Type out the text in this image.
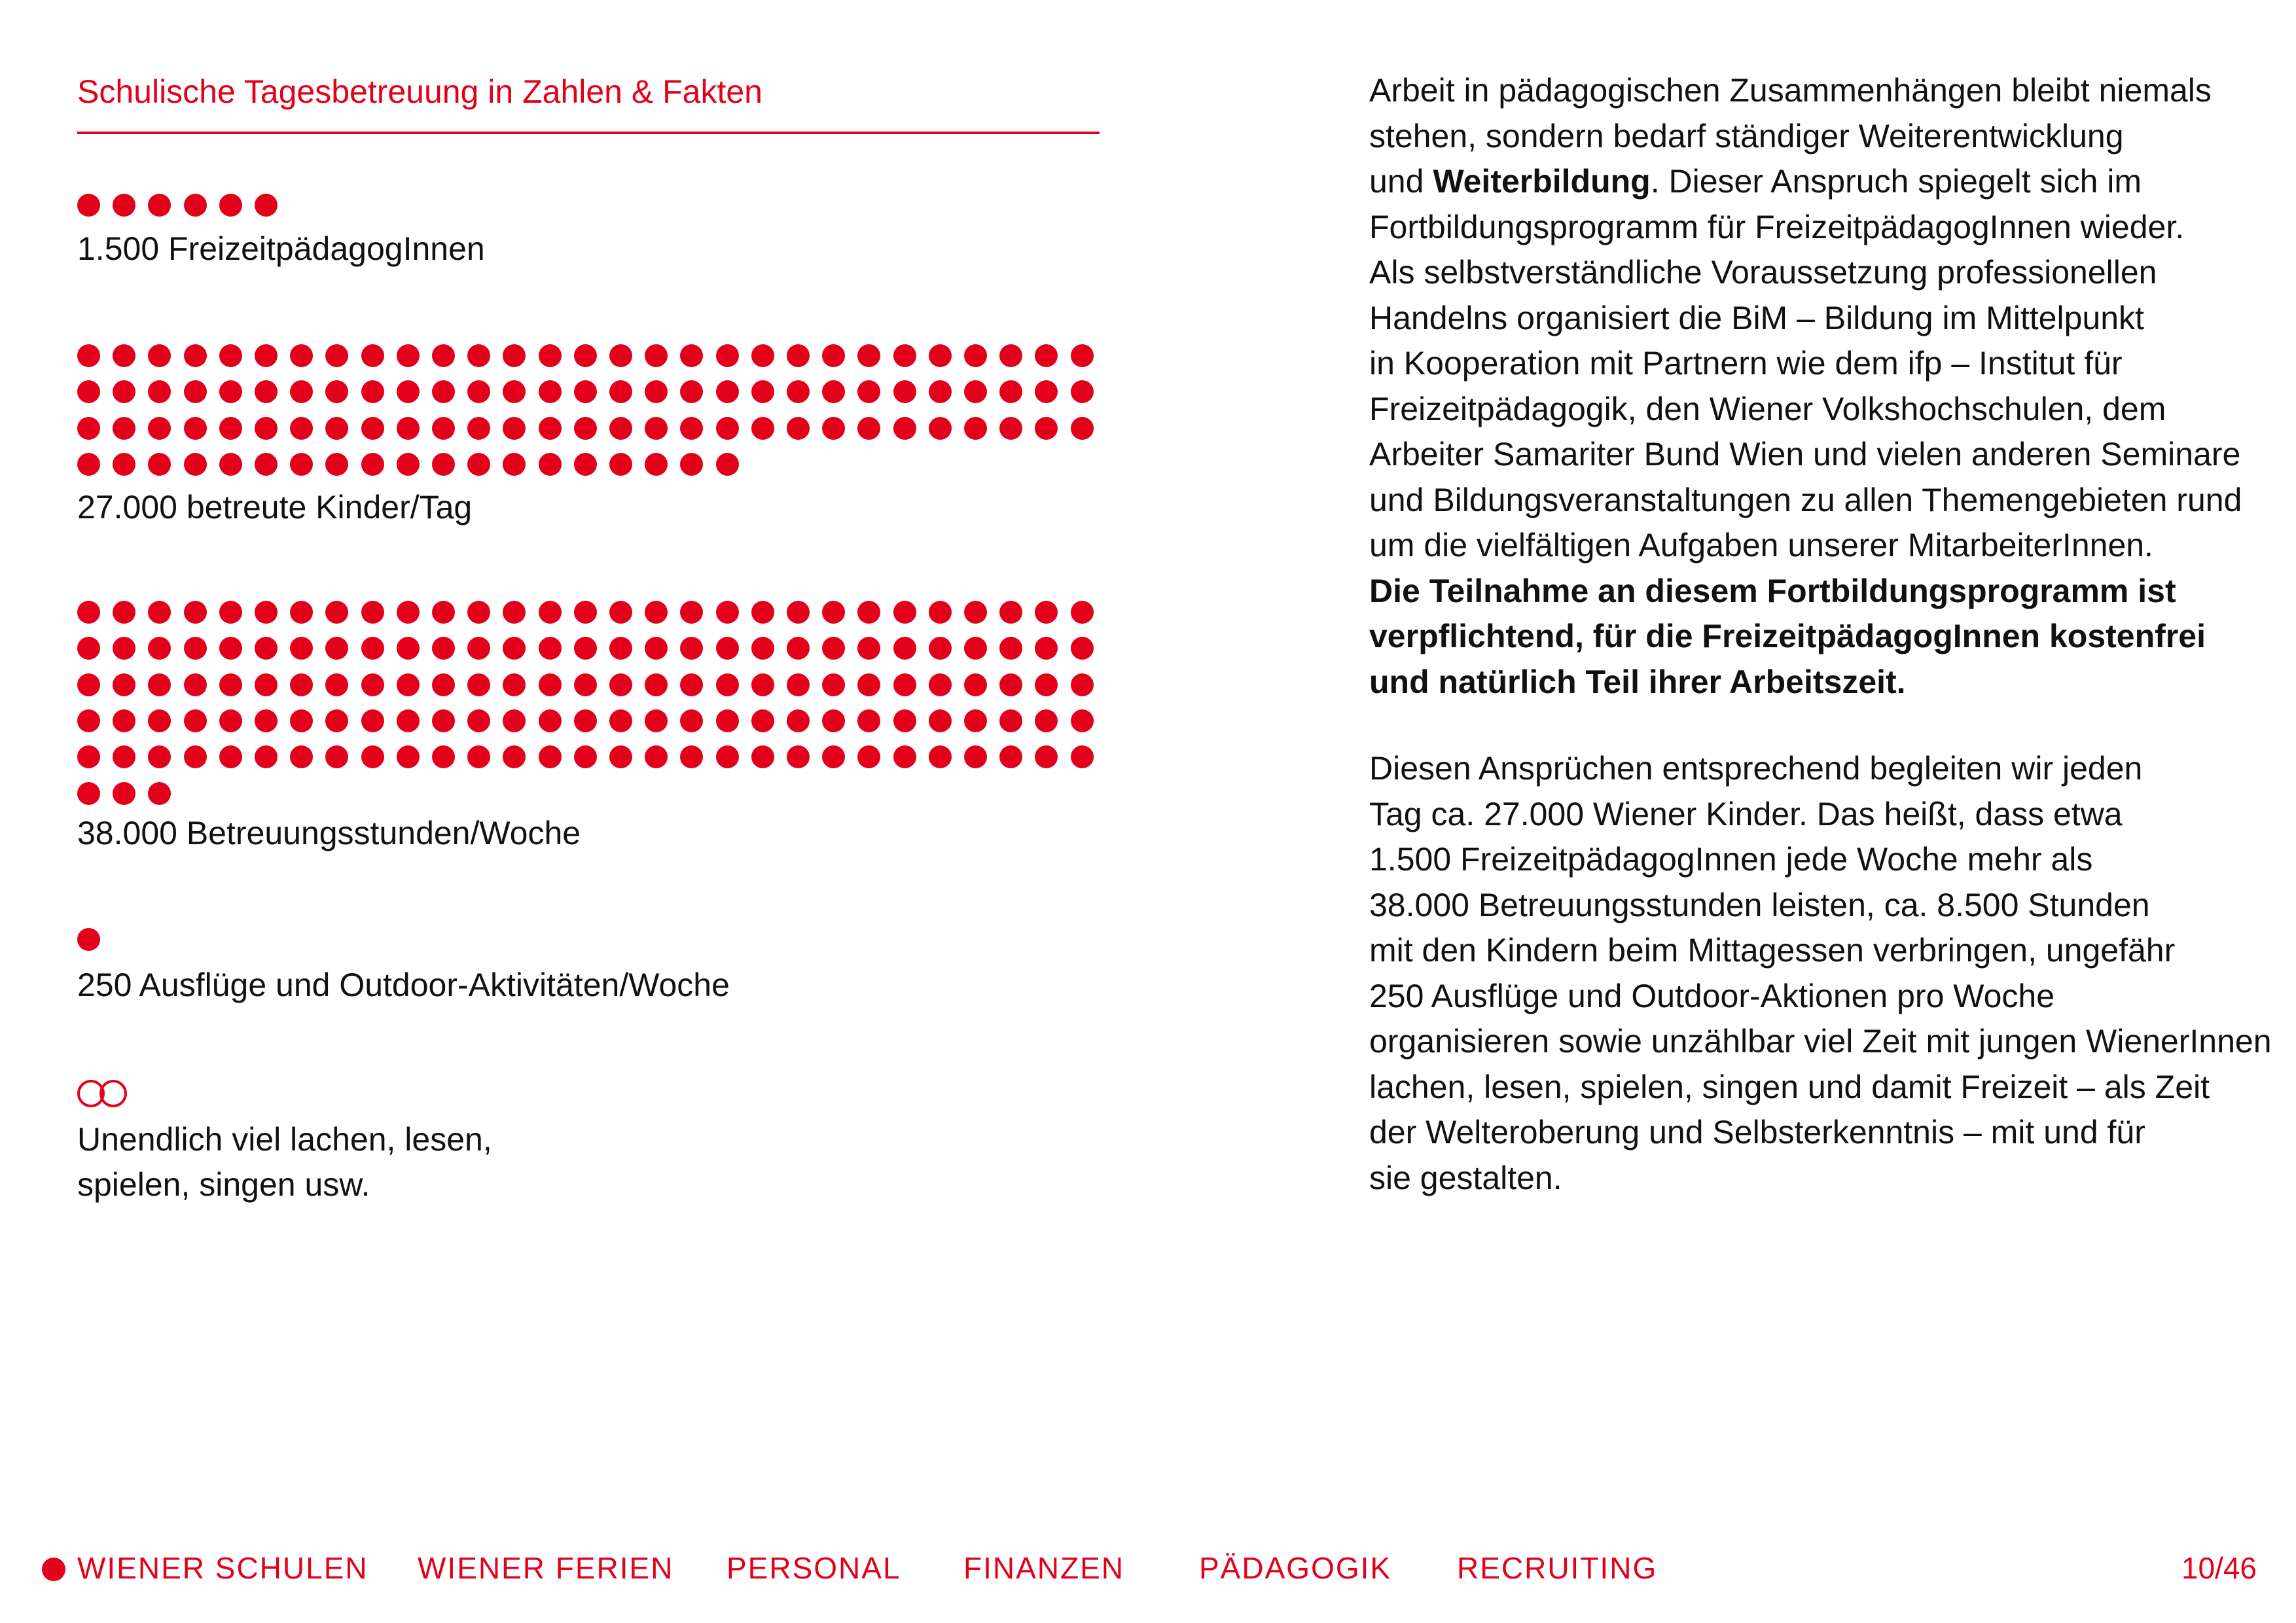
Schulische Tagesbetreuung in Zahlen & Fakten
1.500 FreizeitpädagogInnen
27.000 betreute Kinder/Tag
38.000 Betreuungsstunden/Woche
250 Ausflüge und Outdoor-Aktivitäten/Woche
Unendlich viel lachen, lesen,
spielen, singen usw.
Arbeit in pädagogischen Zusammenhängen bleibt niemals
stehen, sondern bedarf ständiger Weiterentwicklung
und Weiterbildung. Dieser Anspruch spiegelt sich im
Fortbildungsprogramm für FreizeitpädagogInnen wieder.
Als selbstverständliche Voraussetzung professionellen
Handelns organisiert die BiM – Bildung im Mittelpunkt
in Kooperation mit Partnern wie dem ifp – Institut für
Freizeitpädagogik, den Wiener Volkshochschulen, dem
Arbeiter Samariter Bund Wien und vielen anderen Seminare
und Bildungsveranstaltungen zu allen Themengebieten rund
um die vielfältigen Aufgaben unserer MitarbeiterInnen.
Die Teilnahme an diesem Fortbildungsprogramm ist
verpflichtend, für die FreizeitpädagogInnen kostenfrei
und natürlich Teil ihrer Arbeitszeit.
Diesen Ansprüchen entsprechend begleiten wir jeden
Tag ca. 27.000 Wiener Kinder. Das heißt, dass etwa
1.500 FreizeitpädagogInnen jede Woche mehr als
38.000 Betreuungsstunden leisten, ca. 8.500 Stunden
mit den Kindern beim Mittagessen verbringen, ungefähr
250 Ausflüge und Outdoor-Aktionen pro Woche
organisieren sowie unzählbar viel Zeit mit jungen WienerInnen
lachen, lesen, spielen, singen und damit Freizeit – als Zeit
der Welteroberung und Selbsterkenntnis – mit und für
sie gestalten.
WIENER SCHULEN WIENER FERIEN PERSONAL FINANZEN PÄDAGOGIK RECRUITING	10/46
